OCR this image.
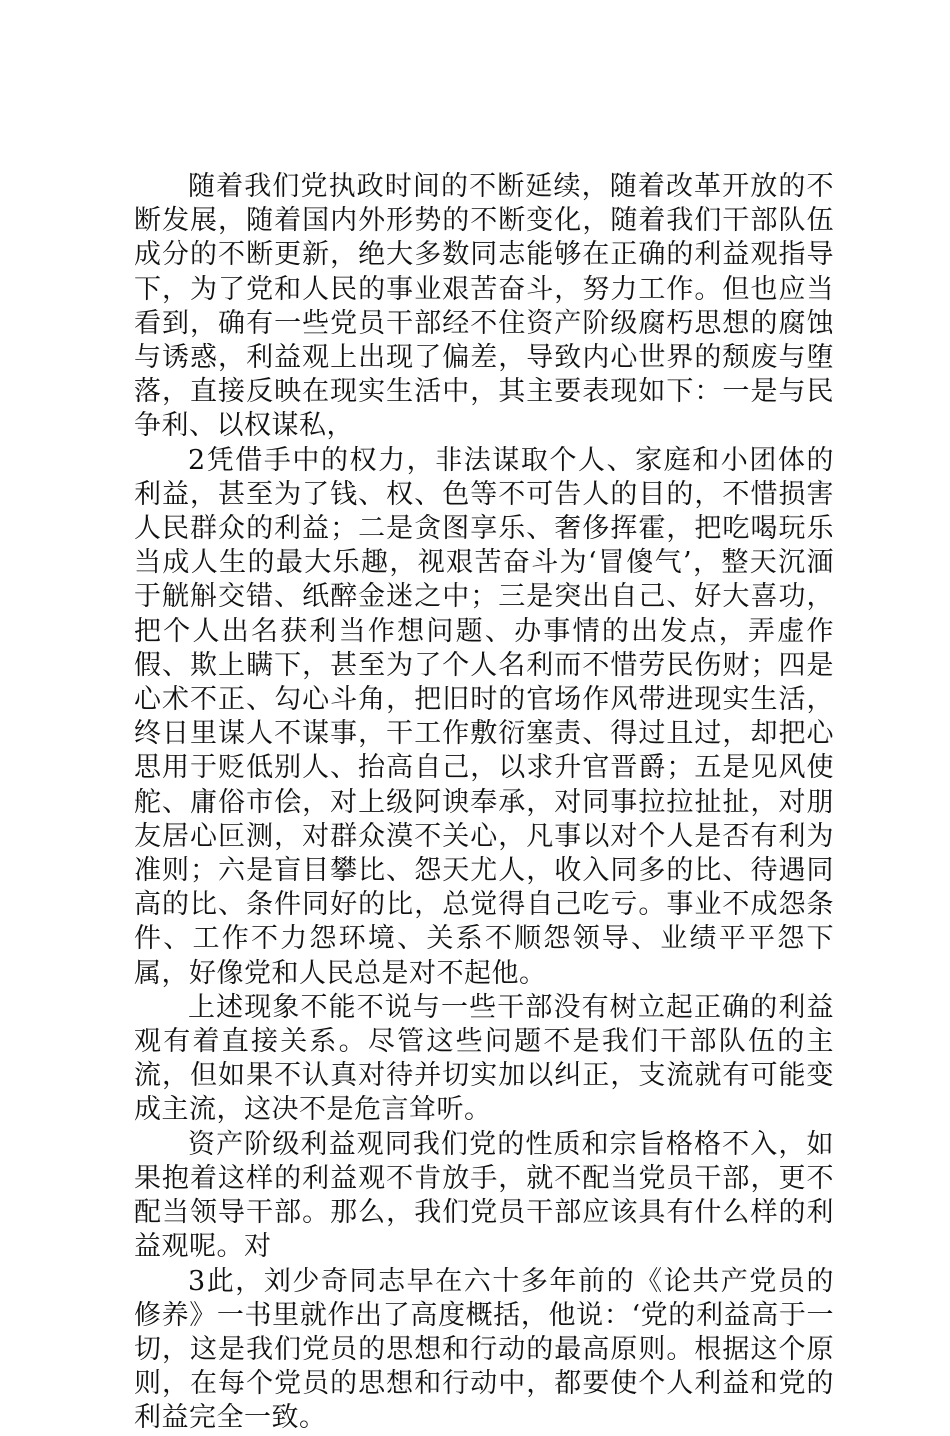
随着我们党执政时间的不断延续，随着改革开放的不断发展，随着国内外形势的不断变化，随着我们干部队伍成分的不断更新，绝大多数同志能够在正确的利益观指导下，为了党和人民的事业艰苦奋斗，努力工作。但也应当看到，确有一些党员干部经不住资产阶级腐朽思想的腐蚀与诱惑，利益观上出现了偏差，导致内心世界的颓废与堕落，直接反映在现实生活中，其主要表现如下：一是与民争利、以权谋私，

2凭借手中的权力，非法谋取个人、家庭和小团体的利益，甚至为了钱、权、色等不可告人的目的，不惜损害人民群众的利益；二是贪图享乐、奢侈挥霍，把吃喝玩乐当成人生的最大乐趣，视艰苦奋斗为‘冒傻气’，整天沉湎于觥斛交错、纸醉金迷之中；三是突出自己、好大喜功，把个人出名获利当作想问题、办事情的出发点，弄虚作假、欺上瞒下，甚至为了个人名利而不惜劳民伤财；四是心术不正、勾心斗角，把旧时的官场作风带进现实生活，终日里谋人不谋事，干工作敷衍塞责、得过且过，却把心思用于贬低别人、抬高自己，以求升官晋爵；五是见风使舵、庸俗市侩，对上级阿谀奉承，对同事拉拉扯扯，对朋友居心叵测，对群众漠不关心，凡事以对个人是否有利为准则；六是盲目攀比、怨天尤人，收入同多的比、待遇同高的比、条件同好的比，总觉得自己吃亏。事业不成怨条件、工作不力怨环境、关系不顺怨领导、业绩平平怨下属，好像党和人民总是对不起他。

上述现象不能不说与一些干部没有树立起正确的利益观有着直接关系。尽管这些问题不是我们干部队伍的主流，但如果不认真对待并切实加以纠正，支流就有可能变成主流，这决不是危言耸听。

资产阶级利益观同我们党的性质和宗旨格格不入，如果抱着这样的利益观不肯放手，就不配当党员干部，更不配当领导干部。那么，我们党员干部应该具有什么样的利益观呢。对

3此，刘少奇同志早在六十多年前的《论共产党员的修养》一书里就作出了高度概括，他说：‘党的利益高于一切，这是我们党员的思想和行动的最高原则。根据这个原则，在每个党员的思想和行动中，都要使个人利益和党的利益完全一致。
